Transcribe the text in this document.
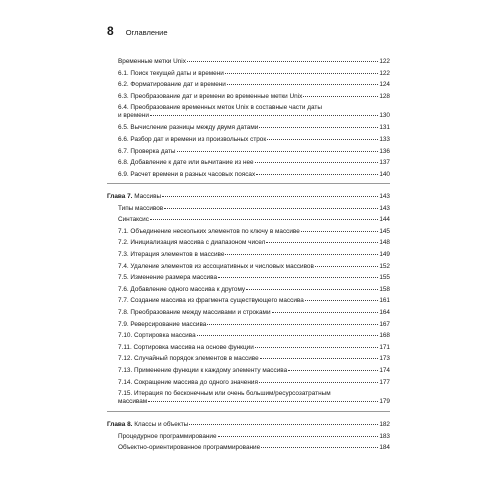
8 Оглавление
Временные метки Unix	122
6.1. Поиск текущей даты и времени	122
6.2. Форматирование дат и времени	124
6.3. Преобразование дат и времени во временные метки Unix	128
6.4. Преобразование временных меток Unix в составные части даты
и времени	130
6.5. Вычисление разницы между двумя датами	131
6.6. Разбор дат и времени из произвольных строк	133
6.7. Проверка даты	136
6.8. Добавление к дате или вычитание из нее	137
6.9. Расчет времени в разных часовых поясах	140
Глава 7. Массивы	143
Типы массивов	143
Синтаксис	144
7.1. Объединение нескольких элементов по ключу в массиве	145
7.2. Инициализация массива с диапазоном чисел	148
7.3. Итерация элементов в массиве	149
7.4. Удаление элементов из ассоциативных и числовых массивов	152
7.5. Изменение размера массива	155
7.6. Добавление одного массива к другому	158
7.7. Создание массива из фрагмента существующего массива	161
7.8. Преобразование между массивами и строками	164
7.9. Реверсирование массива	167
7.10. Сортировка массива	168
7.11. Сортировка массива на основе функции	171
7.12. Случайный порядок элементов в массиве	173
7.13. Применение функции к каждому элементу массива	174
7.14. Сокращение массива до одного значения	177
7.15. Итерация по бесконечным или очень большим/ресурсозатратным
массивам	179
Глава 8. Классы и объекты	182
Процедурное программирование	183
Объектно-ориентированное программирование	184
